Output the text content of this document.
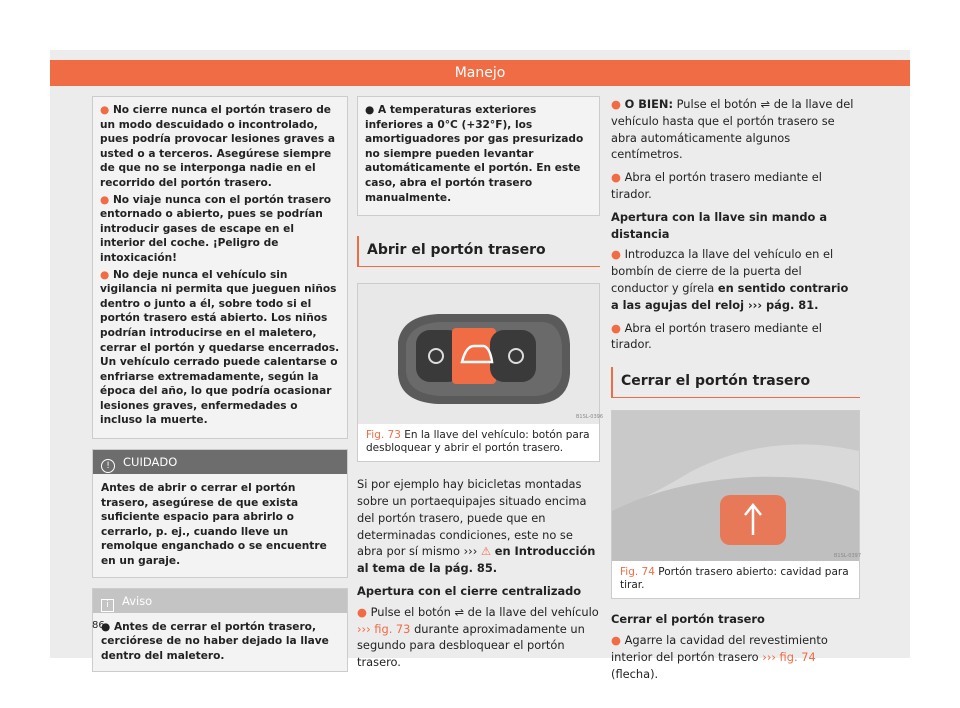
Manejo

● No cierre nunca el portón trasero de un modo descuidado o incontrolado, pues podría provocar lesiones graves a usted o a terceros. Asegúrese siempre de que no se interponga nadie en el recorrido del portón trasero.

● No viaje nunca con el portón trasero entornado o abierto, pues se podrían introducir gases de escape en el interior del coche. ¡Peligro de intoxicación!

● No deje nunca el vehículo sin vigilancia ni permita que jueguen niños dentro o junto a él, sobre todo si el portón trasero está abierto. Los niños podrían introducirse en el maletero, cerrar el portón y quedarse encerrados. Un vehículo cerrado puede calentarse o enfriarse extremadamente, según la época del año, lo que podría ocasionar lesiones graves, enfermedades o incluso la muerte.

! CUIDADO
Antes de abrir o cerrar el portón trasero, asegúrese de que exista suficiente espacio para abrirlo o cerrarlo, p. ej., cuando lleve un remolque enganchado o se encuentre en un garaje.
i Aviso
● Antes de cerrar el portón trasero, cerciórese de no haber dejado la llave dentro del maletero.

● A temperaturas exteriores inferiores a 0°C (+32°F), los amortiguadores por gas presurizado no siempre pueden levantar automáticamente el portón. En este caso, abra el portón trasero manualmente.

Abrir el portón trasero
B1SL-0396
Fig. 73 En la llave del vehículo: botón para desbloquear y abrir el portón trasero.

Si por ejemplo hay bicicletas montadas sobre un portaequipajes situado encima del portón trasero, puede que en determinadas condiciones, este no se abra por sí mismo ››› ⚠ en Introducción al tema de la pág. 85.

Apertura con el cierre centralizado

● Pulse el botón ⇌ de la llave del vehículo ››› fig. 73 durante aproximadamente un segundo para desbloquear el portón trasero.

● O BIEN: Pulse el botón ⇌ de la llave del vehículo hasta que el portón trasero se abra automáticamente algunos centímetros.

● Abra el portón trasero mediante el tirador.

Apertura con la llave sin mando a distancia

● Introduzca la llave del vehículo en el bombín de cierre de la puerta del conductor y gírela en sentido contrario a las agujas del reloj ››› pág. 81.

● Abra el portón trasero mediante el tirador.

Cerrar el portón trasero
B1SL-0397
Fig. 74 Portón trasero abierto: cavidad para tirar.
Cerrar el portón trasero

● Agarre la cavidad del revestimiento interior del portón trasero ››› fig. 74 (flecha).

86
